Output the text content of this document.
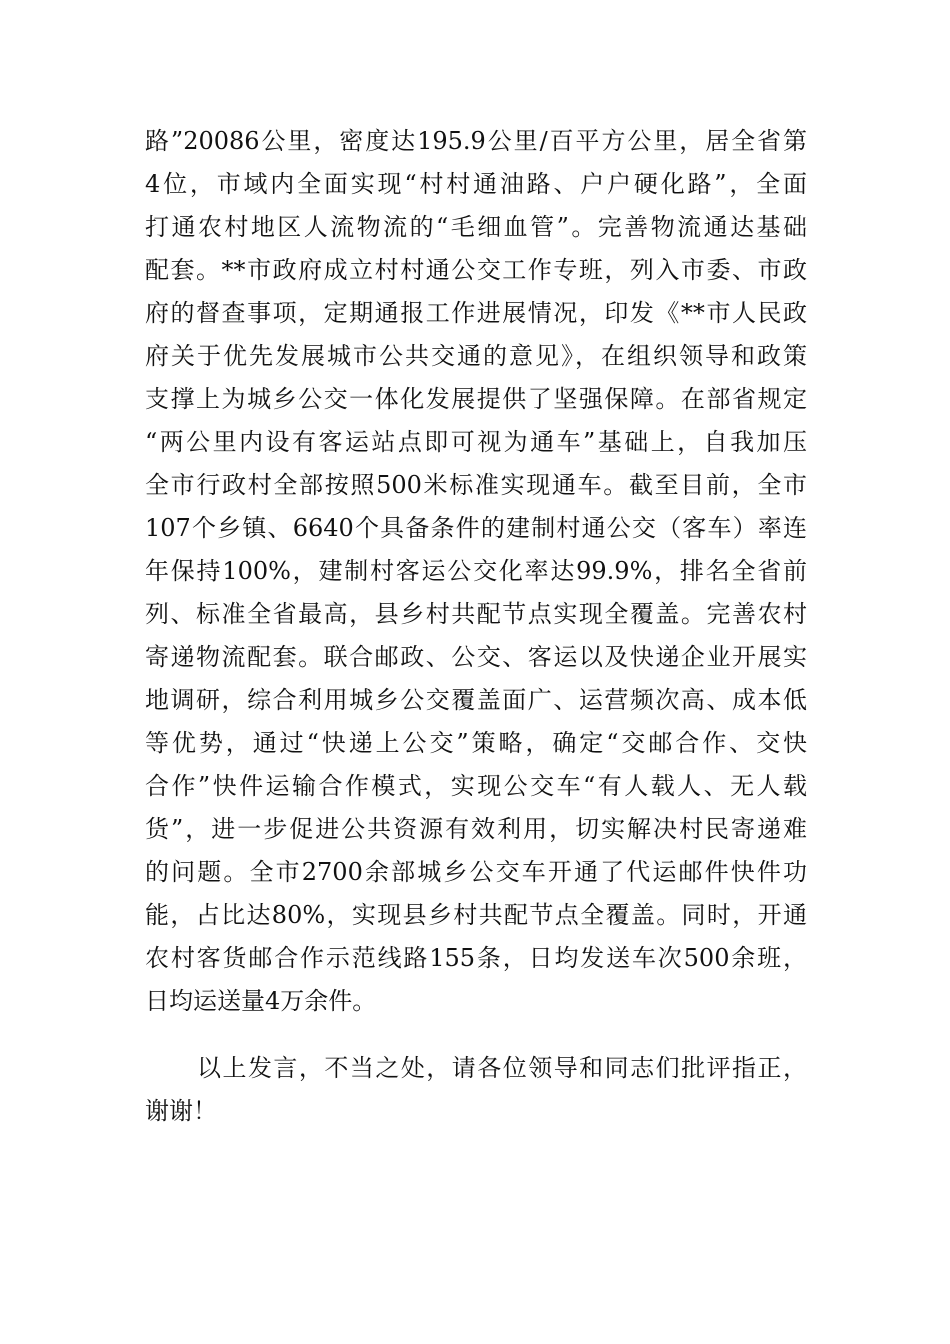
路”20086公里，密度达195.9公里/百平方公里，居全省第
4位，市域内全面实现“村村通油路、户户硬化路”，全面
打通农村地区人流物流的“毛细血管”。完善物流通达基础
配套。**市政府成立村村通公交工作专班，列入市委、市政
府的督查事项，定期通报工作进展情况，印发《**市人民政
府关于优先发展城市公共交通的意见》，在组织领导和政策
支撑上为城乡公交一体化发展提供了坚强保障。在部省规定
“两公里内设有客运站点即可视为通车”基础上，自我加压
全市行政村全部按照500米标准实现通车。截至目前，全市
107个乡镇、6640个具备条件的建制村通公交（客车）率连
年保持100%，建制村客运公交化率达99.9%，排名全省前
列、标准全省最高，县乡村共配节点实现全覆盖。完善农村
寄递物流配套。联合邮政、公交、客运以及快递企业开展实
地调研，综合利用城乡公交覆盖面广、运营频次高、成本低
等优势，通过“快递上公交”策略，确定“交邮合作、交快
合作”快件运输合作模式，实现公交车“有人载人、无人载
货”，进一步促进公共资源有效利用，切实解决村民寄递难
的问题。全市2700余部城乡公交车开通了代运邮件快件功
能，占比达80%，实现县乡村共配节点全覆盖。同时，开通
农村客货邮合作示范线路155条，日均发送车次500余班，
日均运送量4万余件。
以上发言，不当之处，请各位领导和同志们批评指正，
谢谢！
